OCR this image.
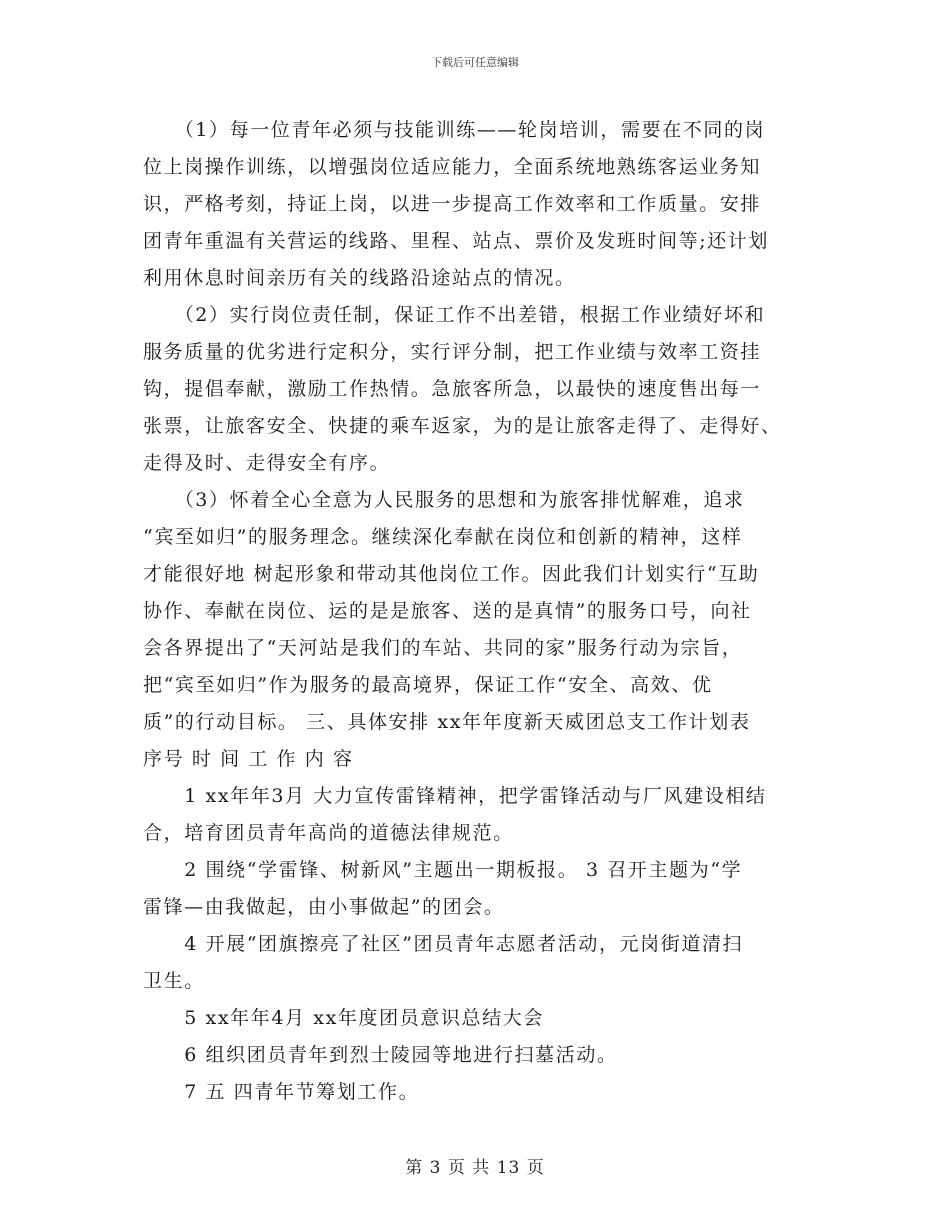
下载后可任意编辑
　　（1）每一位青年必须与技能训练——轮岗培训，需要在不同的岗
位上岗操作训练，以增强岗位适应能力，全面系统地熟练客运业务知
识，严格考刻，持证上岗，以进一步提高工作效率和工作质量。安排
团青年重温有关营运的线路、里程、站点、票价及发班时间等;还计划
利用休息时间亲历有关的线路沿途站点的情况。
　　（2）实行岗位责任制，保证工作不出差错，根据工作业绩好坏和
服务质量的优劣进行定积分，实行评分制，把工作业绩与效率工资挂
钩，提倡奉献，激励工作热情。急旅客所急，以最快的速度售出每一
张票，让旅客安全、快捷的乘车返家，为的是让旅客走得了、走得好、
走得及时、走得安全有序。
　　（3）怀着全心全意为人民服务的思想和为旅客排忧解难，追求
“宾至如归”的服务理念。继续深化奉献在岗位和创新的精神，这样
才能很好地 树起形象和带动其他岗位工作。因此我们计划实行“互助
协作、奉献在岗位、运的是是旅客、送的是真情”的服务口号，向社
会各界提出了“天河站是我们的车站、共同的家”服务行动为宗旨，
把“宾至如归”作为服务的最高境界，保证工作“安全、高效、优
质”的行动目标。 三、具体安排 xx年年度新天威团总支工作计划表
序号 时 间 工 作 内 容
　　1 xx年年3月 大力宣传雷锋精神，把学雷锋活动与厂风建设相结
合，培育团员青年高尚的道德法律规范。
　　2 围绕“学雷锋、树新风”主题出一期板报。 3 召开主题为“学
雷锋—由我做起，由小事做起”的团会。
　　4 开展“团旗擦亮了社区”团员青年志愿者活动，元岗街道清扫
卫生。
　　5 xx年年4月 xx年度团员意识总结大会
　　6 组织团员青年到烈士陵园等地进行扫墓活动。
　　7 五 四青年节筹划工作。
第 3 页 共 13 页
